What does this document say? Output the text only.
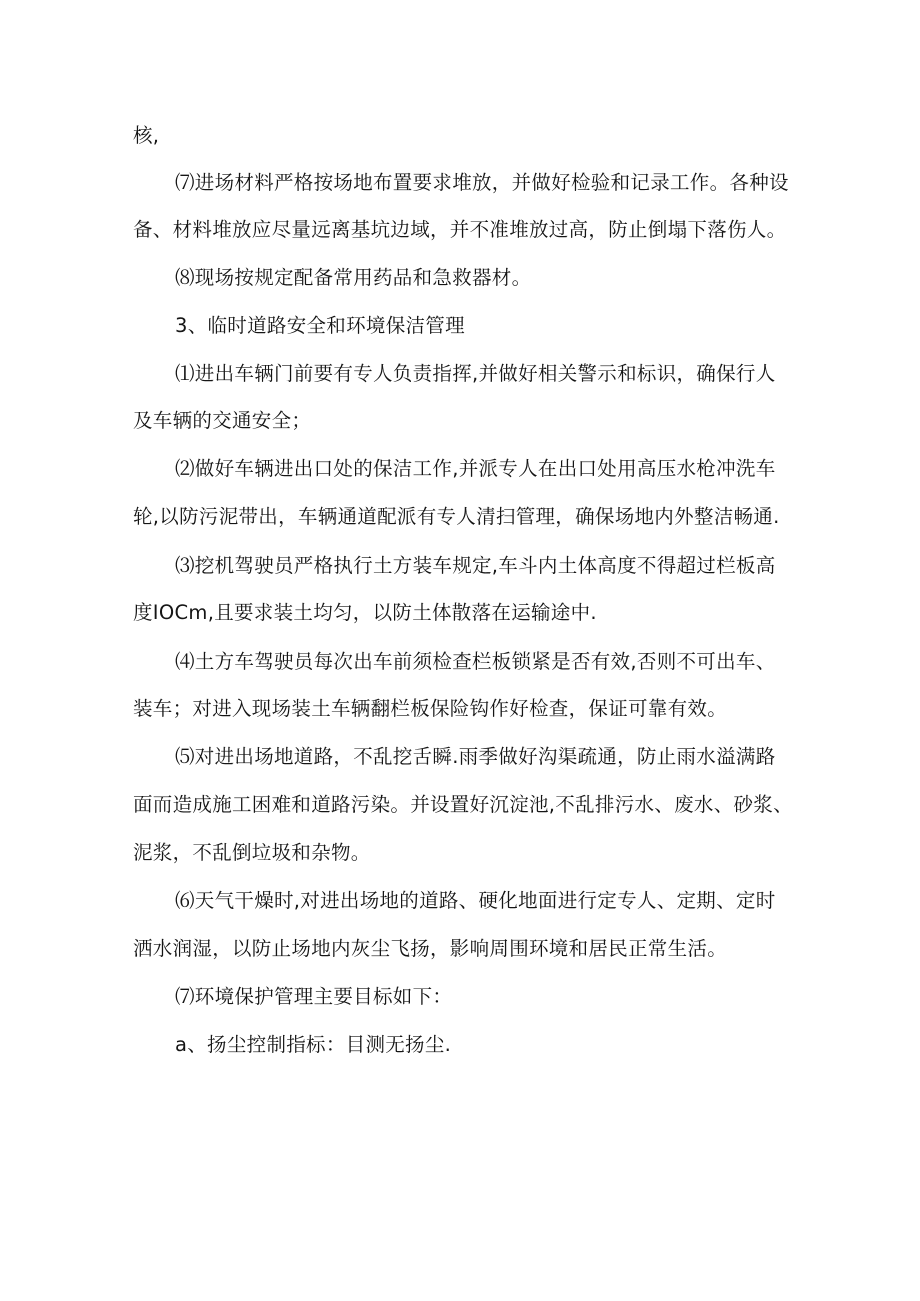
核,
⑺进场材料严格按场地布置要求堆放，并做好检验和记录工作。各种设
备、材料堆放应尽量远离基坑边域，并不准堆放过高，防止倒塌下落伤人。
⑻现场按规定配备常用药品和急救器材。
3、临时道路安全和环境保洁管理
⑴进出车辆门前要有专人负责指挥,并做好相关警示和标识，确保行人
及车辆的交通安全；
⑵做好车辆进出口处的保洁工作,并派专人在出口处用高压水枪冲洗车
轮,以防污泥带出，车辆通道配派有专人清扫管理，确保场地内外整洁畅通.
⑶挖机驾驶员严格执行土方装车规定,车斗内土体高度不得超过栏板高
度IOCm,且要求装土均匀，以防土体散落在运输途中.
⑷土方车驾驶员每次出车前须检查栏板锁紧是否有效,否则不可出车、
装车；对进入现场装土车辆翻栏板保险钩作好检查，保证可靠有效。
⑸对进出场地道路，不乱挖舌瞬.雨季做好沟渠疏通，防止雨水溢满路
面而造成施工困难和道路污染。并设置好沉淀池,不乱排污水、废水、砂浆、
泥浆，不乱倒垃圾和杂物。
⑹天气干燥时,对进出场地的道路、硬化地面进行定专人、定期、定时
洒水润湿，以防止场地内灰尘飞扬，影响周围环境和居民正常生活。
⑺环境保护管理主要目标如下：
a、扬尘控制指标：目测无扬尘.
